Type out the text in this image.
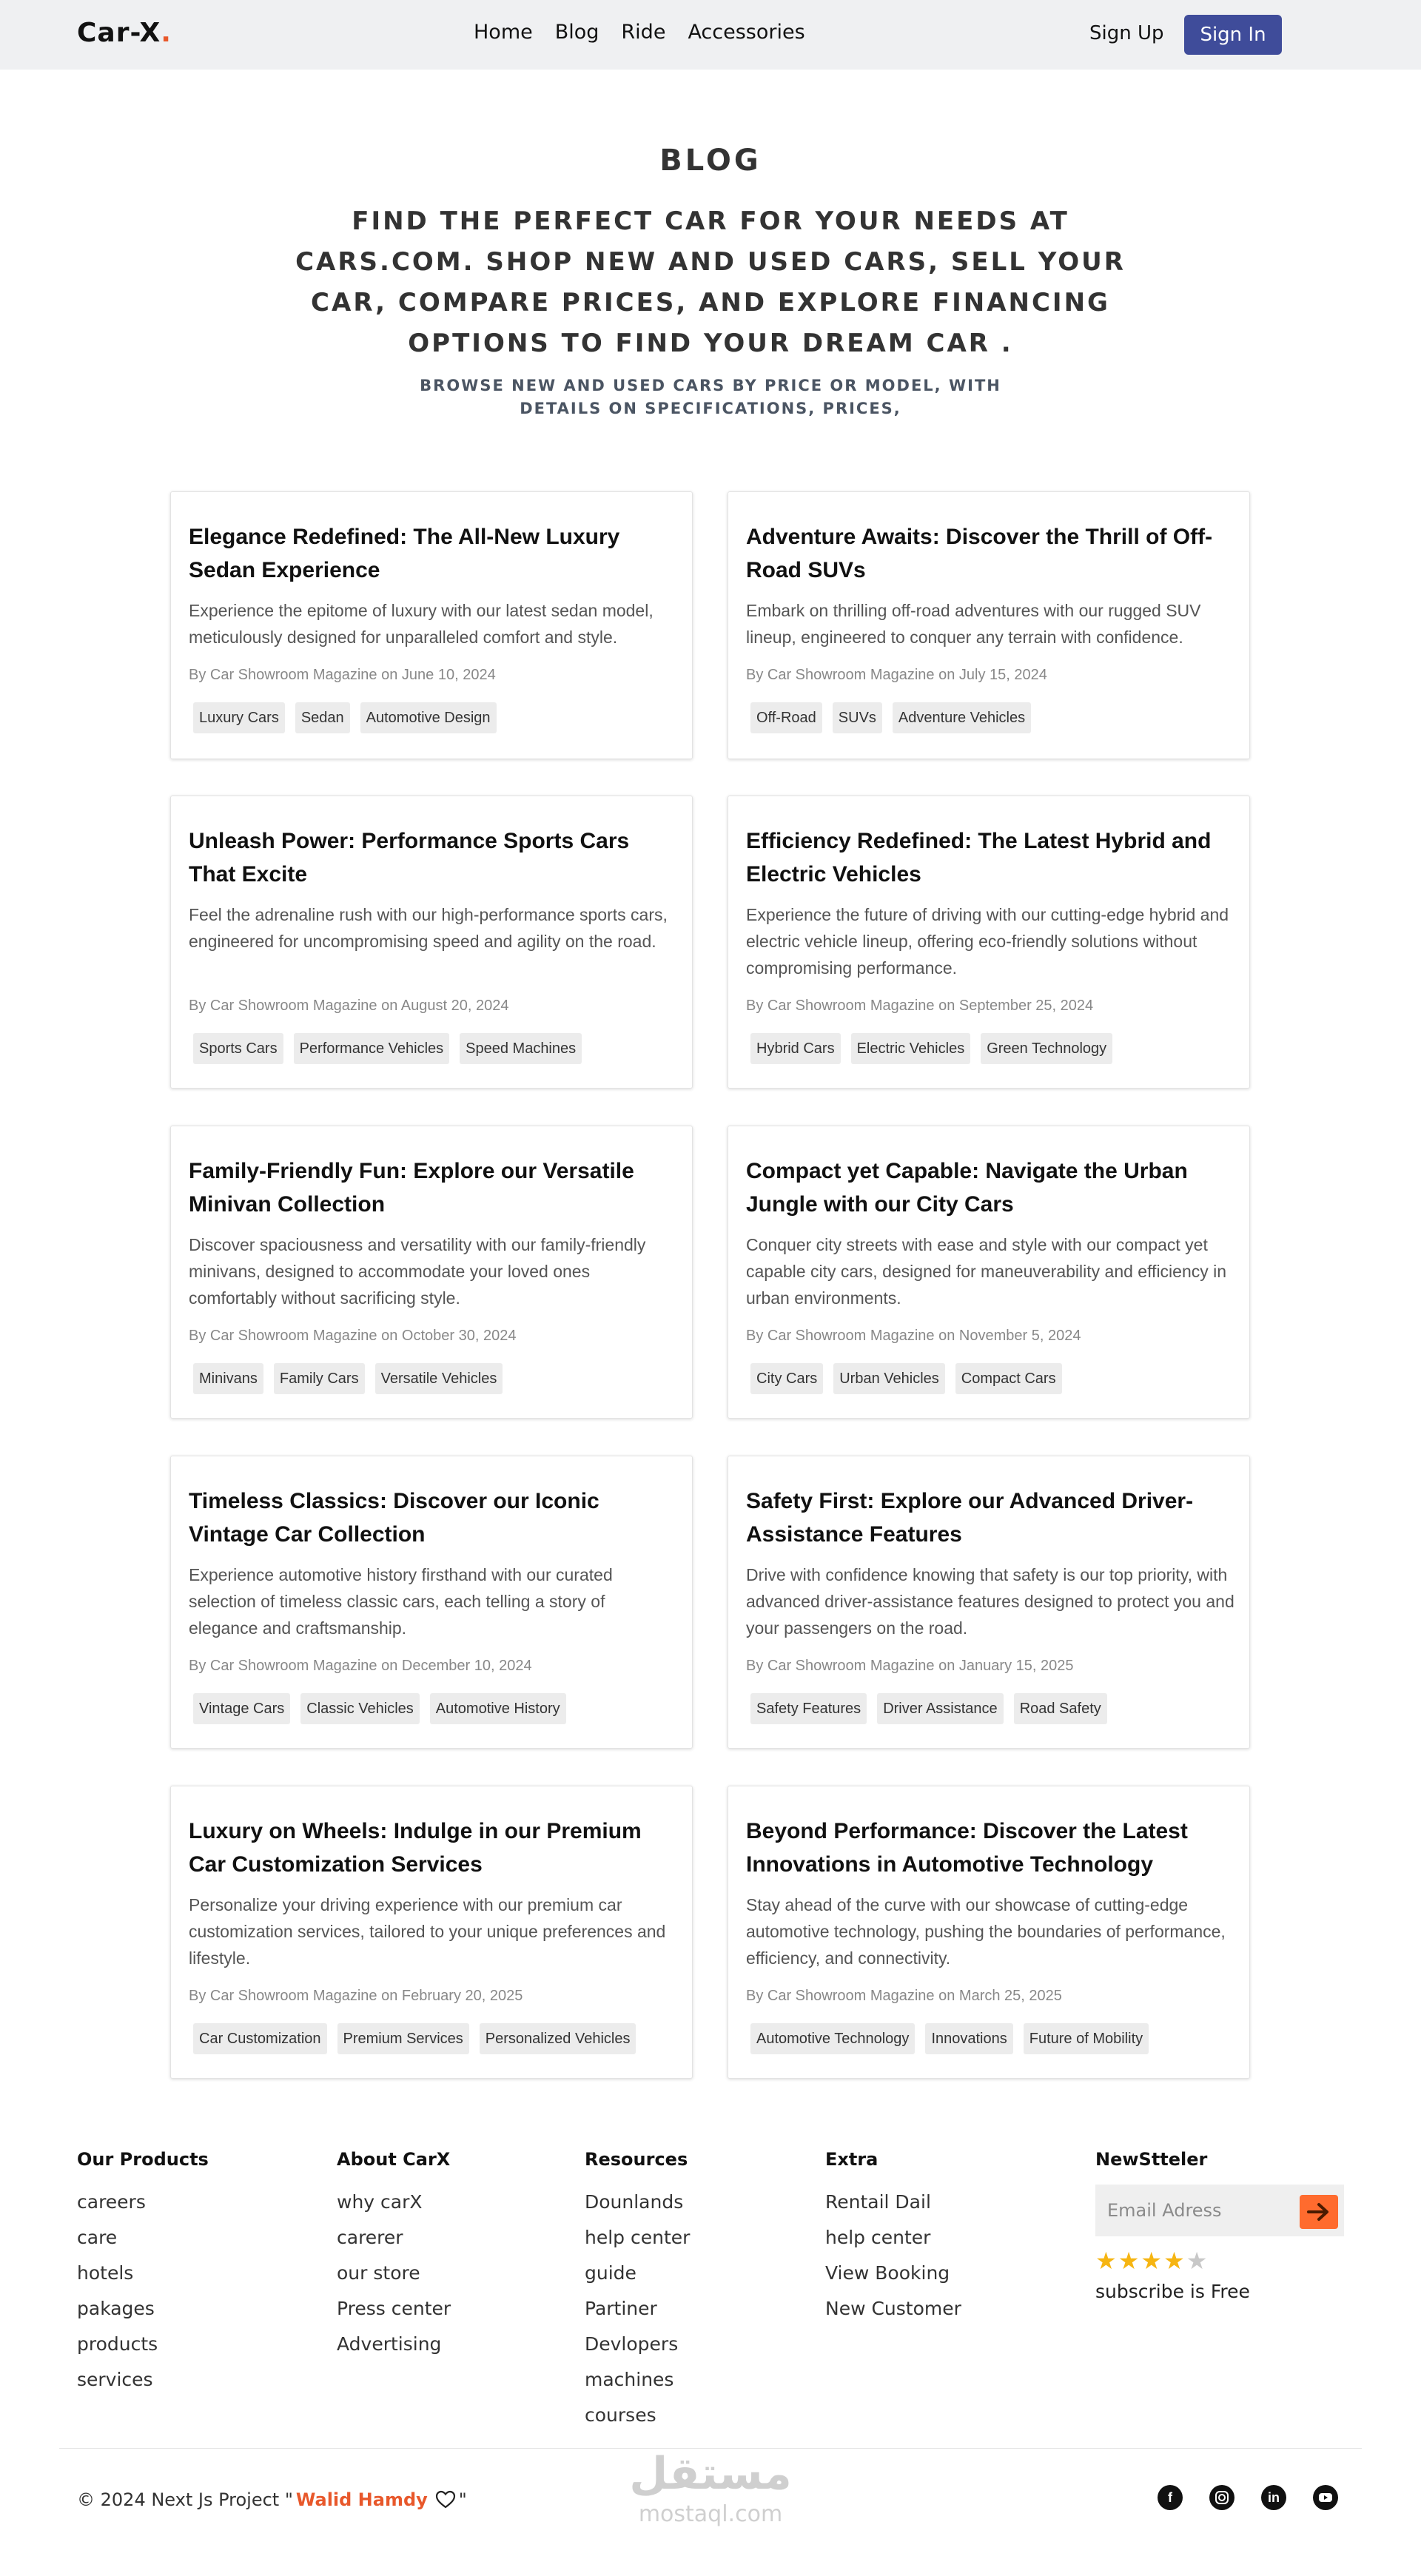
Car-X.	Home Blog Ride Accessories	Sign Up	Sign In
BLOG
FIND THE PERFECT CAR FOR YOUR NEEDS AT CARS.COM. SHOP NEW AND USED CARS, SELL YOUR CAR, COMPARE PRICES, AND EXPLORE FINANCING OPTIONS TO FIND YOUR DREAM CAR .
BROWSE NEW AND USED CARS BY PRICE OR MODEL, WITH DETAILS ON SPECIFICATIONS, PRICES,
Elegance Redefined: The All-New Luxury Sedan Experience
Experience the epitome of luxury with our latest sedan model, meticulously designed for unparalleled comfort and style.
By Car Showroom Magazine on June 10, 2024
Luxury Cars	Sedan	Automotive Design
Adventure Awaits: Discover the Thrill of Off-Road SUVs
Embark on thrilling off-road adventures with our rugged SUV lineup, engineered to conquer any terrain with confidence.
By Car Showroom Magazine on July 15, 2024
Off-Road	SUVs	Adventure Vehicles
Unleash Power: Performance Sports Cars That Excite
Feel the adrenaline rush with our high-performance sports cars, engineered for uncompromising speed and agility on the road.
By Car Showroom Magazine on August 20, 2024
Sports Cars	Performance Vehicles	Speed Machines
Efficiency Redefined: The Latest Hybrid and Electric Vehicles
Experience the future of driving with our cutting-edge hybrid and electric vehicle lineup, offering eco-friendly solutions without compromising performance.
By Car Showroom Magazine on September 25, 2024
Hybrid Cars	Electric Vehicles	Green Technology
Family-Friendly Fun: Explore our Versatile Minivan Collection
Discover spaciousness and versatility with our family-friendly minivans, designed to accommodate your loved ones comfortably without sacrificing style.
By Car Showroom Magazine on October 30, 2024
Minivans	Family Cars	Versatile Vehicles
Compact yet Capable: Navigate the Urban Jungle with our City Cars
Conquer city streets with ease and style with our compact yet capable city cars, designed for maneuverability and efficiency in urban environments.
By Car Showroom Magazine on November 5, 2024
City Cars	Urban Vehicles	Compact Cars
Timeless Classics: Discover our Iconic Vintage Car Collection
Experience automotive history firsthand with our curated selection of timeless classic cars, each telling a story of elegance and craftsmanship.
By Car Showroom Magazine on December 10, 2024
Vintage Cars	Classic Vehicles	Automotive History
Safety First: Explore our Advanced Driver-Assistance Features
Drive with confidence knowing that safety is our top priority, with advanced driver-assistance features designed to protect you and your passengers on the road.
By Car Showroom Magazine on January 15, 2025
Safety Features	Driver Assistance	Road Safety
Luxury on Wheels: Indulge in our Premium Car Customization Services
Personalize your driving experience with our premium car customization services, tailored to your unique preferences and lifestyle.
By Car Showroom Magazine on February 20, 2025
Car Customization	Premium Services	Personalized Vehicles
Beyond Performance: Discover the Latest Innovations in Automotive Technology
Stay ahead of the curve with our showcase of cutting-edge automotive technology, pushing the boundaries of performance, efficiency, and connectivity.
By Car Showroom Magazine on March 25, 2025
Automotive Technology	Innovations	Future of Mobility
Our Products
careers
care
hotels
pakages
products
services
About CarX
why carX
carerer
our store
Press center
Advertising
Resources
Dounlands
help center
guide
Partiner
Devlopers
machines
courses
Extra
Rentail Dail
help center
View Booking
New Customer
NewStteler
Email Adress
★★★★★
subscribe is Free
© 2024 Next Js Project " Walid Hamdy "	مستقل
mostaql.com
f	in
